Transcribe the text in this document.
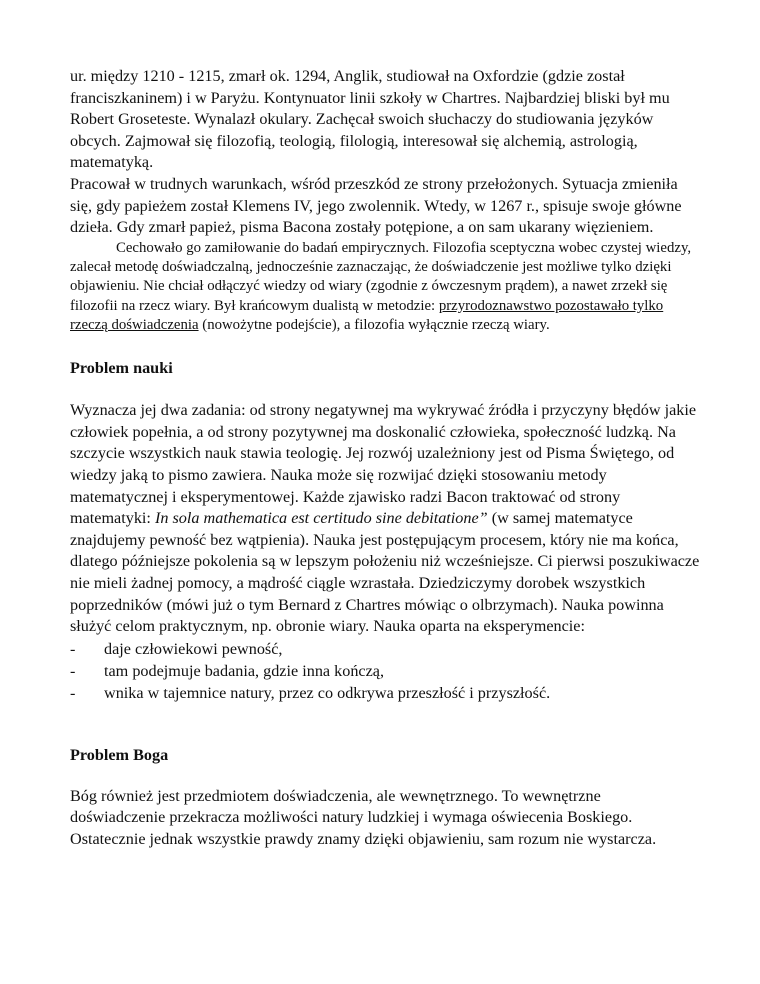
ur. między 1210 - 1215, zmarł ok. 1294, Anglik, studiował na Oxfordzie (gdzie został franciszkaninem) i w Paryżu. Kontynuator linii szkoły w Chartres. Najbardziej bliski był mu Robert Groseteste. Wynalazł okulary. Zachęcał swoich słuchaczy do studiowania języków obcych. Zajmował się filozofią, teologią, filologią, interesował się alchemią, astrologią, matematyką.

Pracował w trudnych warunkach, wśród przeszkód ze strony przełożonych. Sytuacja zmieniła się, gdy papieżem został Klemens IV, jego zwolennik. Wtedy, w 1267 r., spisuje swoje główne dzieła. Gdy zmarł papież, pisma Bacona zostały potępione, a on sam ukarany więzieniem.

Cechowało go zamiłowanie do badań empirycznych. Filozofia sceptyczna wobec czystej wiedzy, zalecał metodę doświadczalną, jednocześnie zaznaczając, że doświadczenie jest możliwe tylko dzięki objawieniu. Nie chciał odłączyć wiedzy od wiary (zgodnie z ówczesnym prądem), a nawet zrzekł się filozofii na rzecz wiary. Był krańcowym dualistą w metodzie: przyrodoznawstwo pozostawało tylko rzeczą doświadczenia (nowożytne podejście), a filozofia wyłącznie rzeczą wiary.

Problem nauki

Wyznacza jej dwa zadania: od strony negatywnej ma wykrywać źródła i przyczyny błędów jakie człowiek popełnia, a od strony pozytywnej ma doskonalić człowieka, społeczność ludzką. Na szczycie wszystkich nauk stawia teologię. Jej rozwój uzależniony jest od Pisma Świętego, od wiedzy jaką to pismo zawiera. Nauka może się rozwijać dzięki stosowaniu metody matematycznej i eksperymentowej. Każde zjawisko radzi Bacon traktować od strony matematyki: In sola mathematica est certitudo sine debitatione” (w samej matematyce znajdujemy pewność bez wątpienia). Nauka jest postępującym procesem, który nie ma końca, dlatego późniejsze pokolenia są w lepszym położeniu niż wcześniejsze. Ci pierwsi poszukiwacze nie mieli żadnej pomocy, a mądrość ciągle wzrastała. Dziedziczymy dorobek wszystkich poprzedników (mówi już o tym Bernard z Chartres mówiąc o olbrzymach). Nauka powinna służyć celom praktycznym, np. obronie wiary. Nauka oparta na eksperymencie:

- daje człowiekowi pewność,
- tam podejmuje badania, gdzie inna kończą,
- wnika w tajemnice natury, przez co odkrywa przeszłość i przyszłość.

Problem Boga

Bóg również jest przedmiotem doświadczenia, ale wewnętrznego. To wewnętrzne doświadczenie przekracza możliwości natury ludzkiej i wymaga oświecenia Boskiego. Ostatecznie jednak wszystkie prawdy znamy dzięki objawieniu, sam rozum nie wystarcza.
